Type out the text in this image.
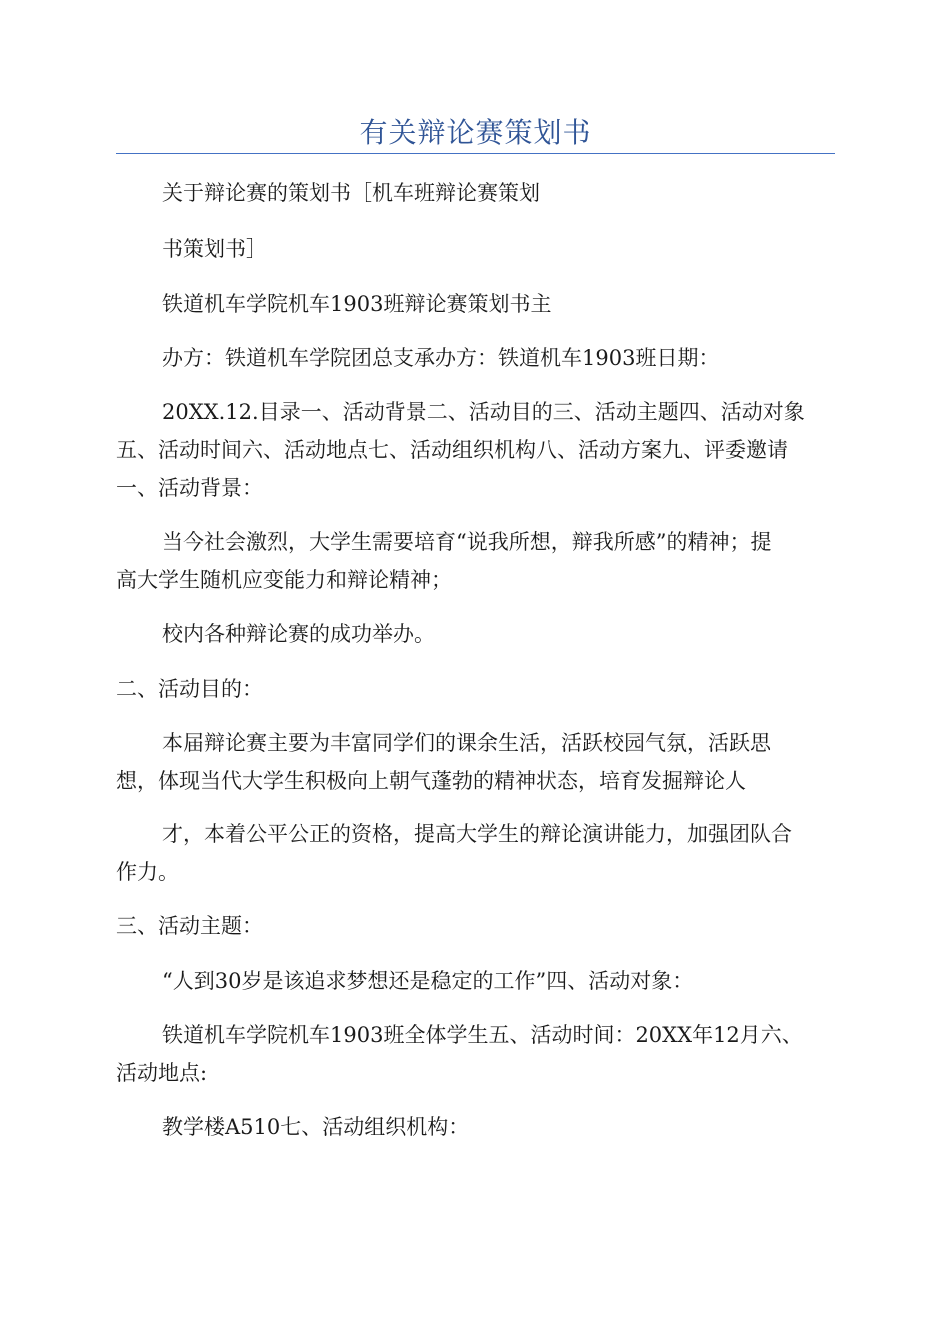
有关辩论赛策划书

关于辩论赛的策划书［机车班辩论赛策划

书策划书］

铁道机车学院机车1903班辩论赛策划书主

办方：铁道机车学院团总支承办方：铁道机车1903班日期：

20XX.12.目录一、活动背景二、活动目的三、活动主题四、活动对象
五、活动时间六、活动地点七、活动组织机构八、活动方案九、评委邀请
一、活动背景：

当今社会激烈，大学生需要培育“说我所想，辩我所感”的精神；提
高大学生随机应变能力和辩论精神；

校内各种辩论赛的成功举办。

二、活动目的：

本届辩论赛主要为丰富同学们的课余生活，活跃校园气氛，活跃思
想，体现当代大学生积极向上朝气蓬勃的精神状态，培育发掘辩论人

才，本着公平公正的资格，提高大学生的辩论演讲能力，加强团队合
作力。

三、活动主题：

“人到30岁是该追求梦想还是稳定的工作”四、活动对象：

铁道机车学院机车1903班全体学生五、活动时间：20XX年12月六、
活动地点:

教学楼A510七、活动组织机构：
